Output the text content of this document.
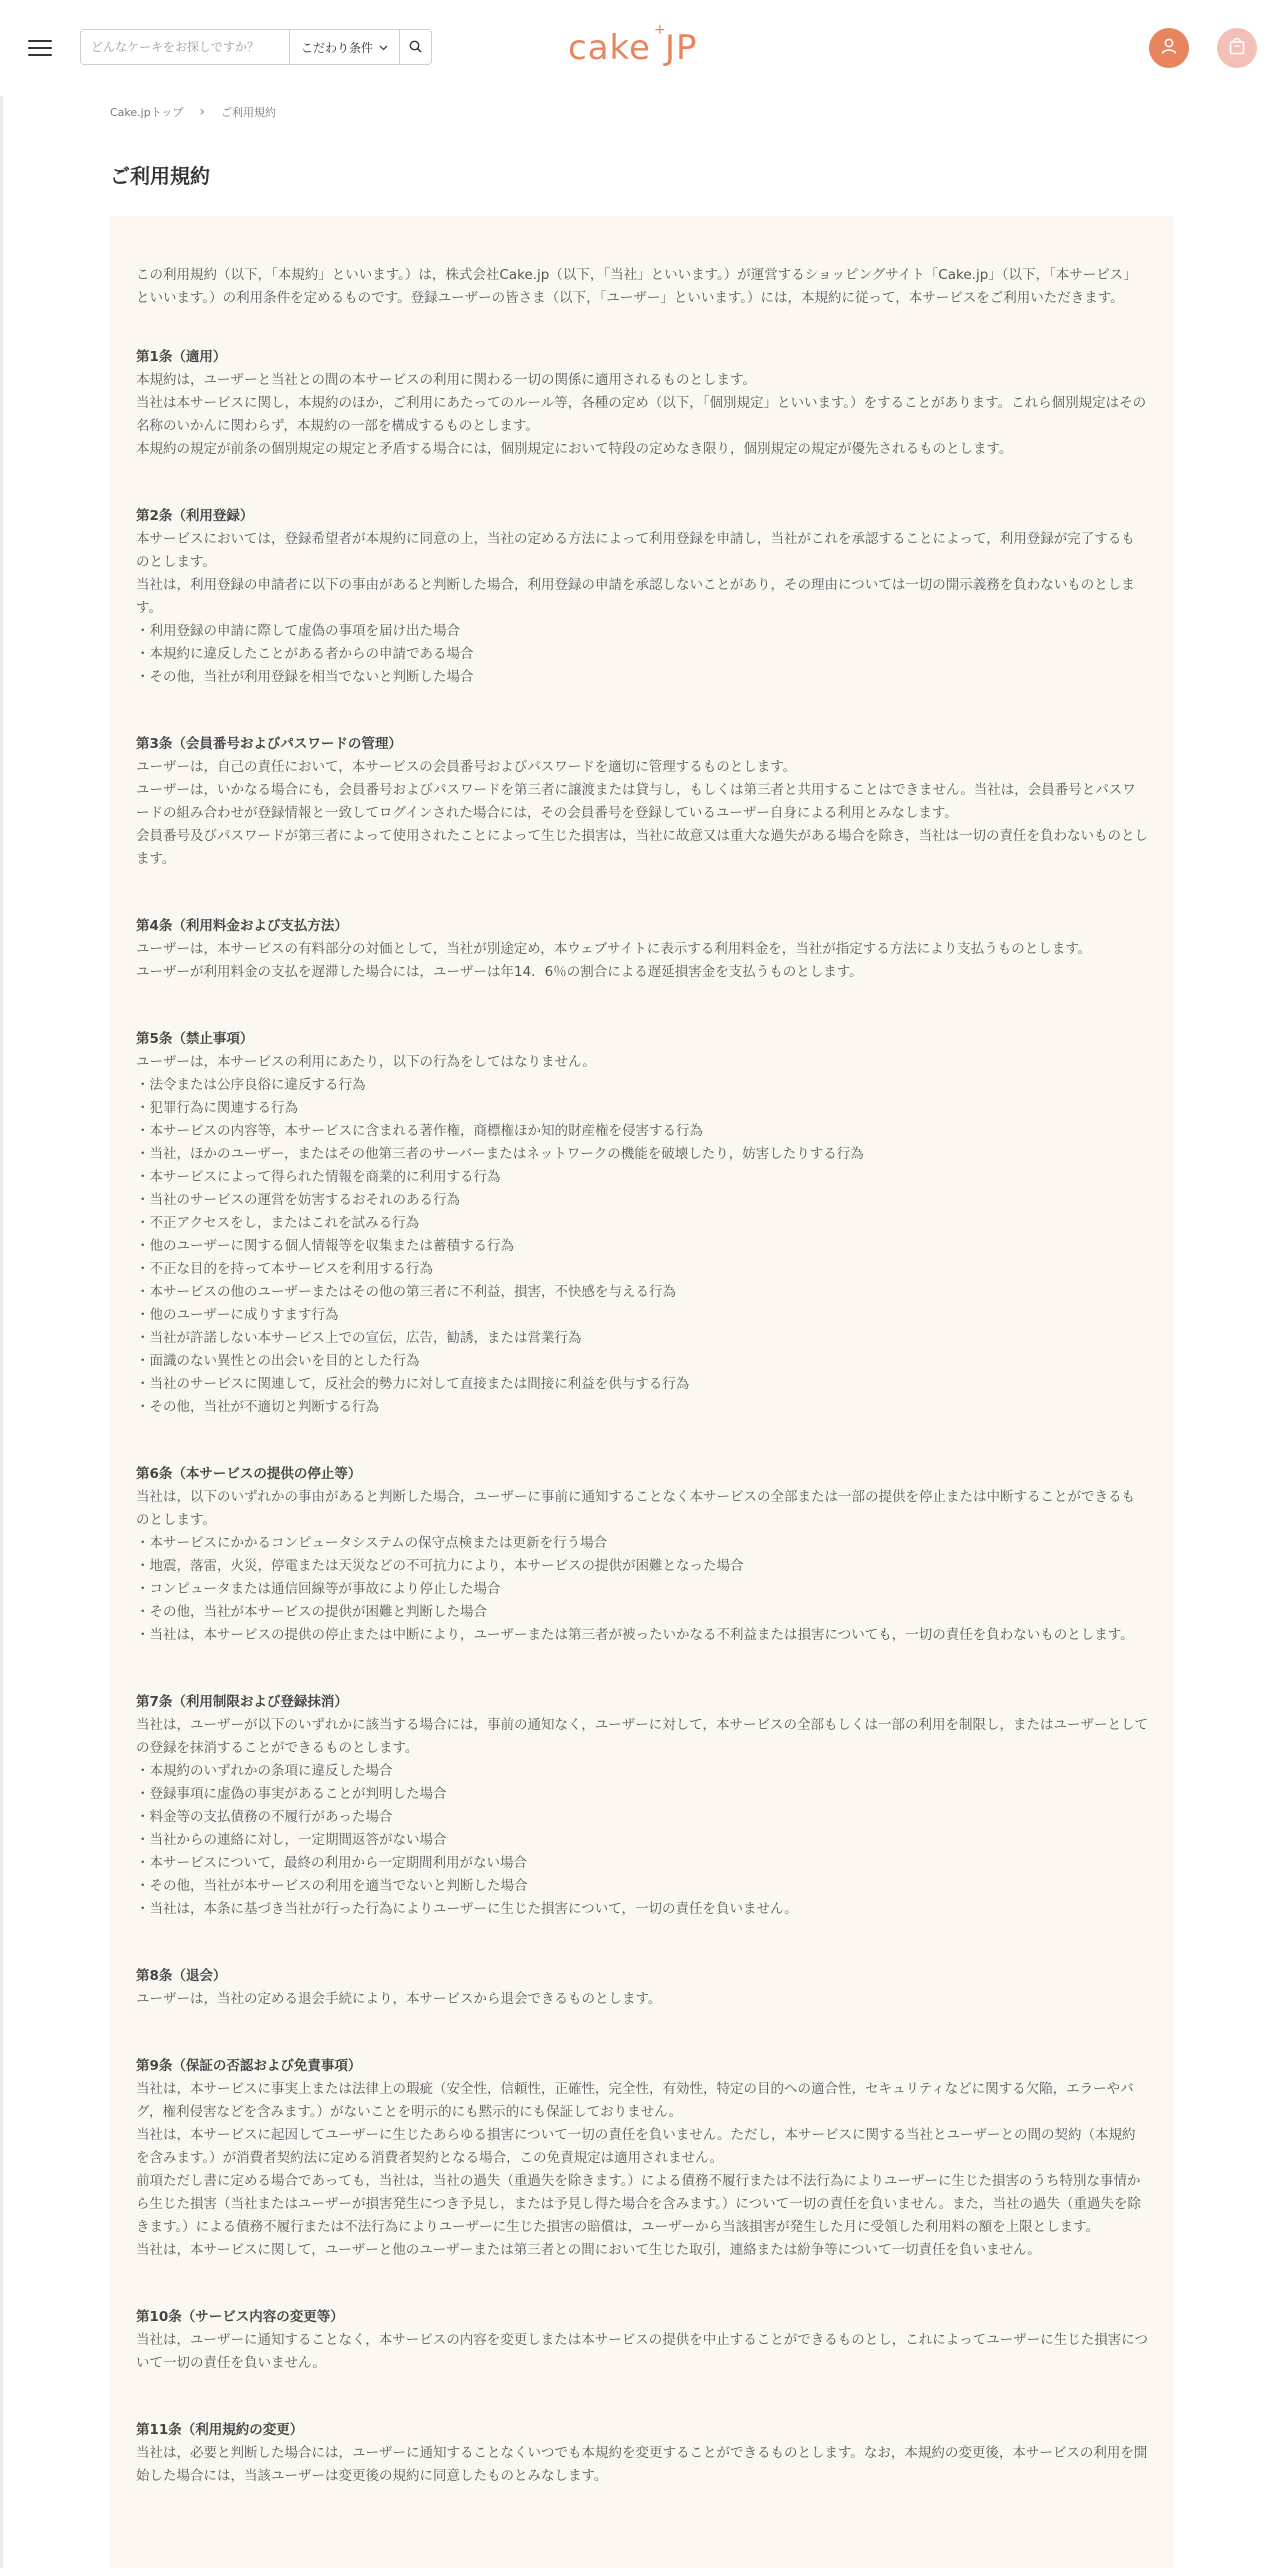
どんなケーキをお探しですか？
こだわり条件	cake +
JP
Cake.jpトップ › ご利用規約
ご利用規約

この利用規約（以下，「本規約」といいます。）は，株式会社Cake.jp（以下，「当社」といいます。）が運営するショッピングサイト「Cake.jp」（以下，「本サービス」といいます。）の利用条件を定めるものです。登録ユーザーの皆さま（以下，「ユーザー」といいます。）には，本規約に従って，本サービスをご利用いただきます。

第1条（適用）
本規約は，ユーザーと当社との間の本サービスの利用に関わる一切の関係に適用されるものとします。
当社は本サービスに関し，本規約のほか，ご利用にあたってのルール等，各種の定め（以下，「個別規定」といいます。）をすることがあります。これら個別規定はその名称のいかんに関わらず，本規約の一部を構成するものとします。
本規約の規定が前条の個別規定の規定と矛盾する場合には，個別規定において特段の定めなき限り，個別規定の規定が優先されるものとします。
第2条（利用登録）
本サービスにおいては，登録希望者が本規約に同意の上，当社の定める方法によって利用登録を申請し，当社がこれを承認することによって，利用登録が完了するものとします。
当社は，利用登録の申請者に以下の事由があると判断した場合，利用登録の申請を承認しないことがあり，その理由については一切の開示義務を負わないものとします。
・利用登録の申請に際して虚偽の事項を届け出た場合
・本規約に違反したことがある者からの申請である場合
・その他，当社が利用登録を相当でないと判断した場合
第3条（会員番号およびパスワードの管理）
ユーザーは，自己の責任において，本サービスの会員番号およびパスワードを適切に管理するものとします。
ユーザーは，いかなる場合にも，会員番号およびパスワードを第三者に譲渡または貸与し，もしくは第三者と共用することはできません。当社は，会員番号とパスワードの組み合わせが登録情報と一致してログインされた場合には，その会員番号を登録しているユーザー自身による利用とみなします。
会員番号及びパスワードが第三者によって使用されたことによって生じた損害は，当社に故意又は重大な過失がある場合を除き，当社は一切の責任を負わないものとします。
第4条（利用料金および支払方法）
ユーザーは，本サービスの有料部分の対価として，当社が別途定め，本ウェブサイトに表示する利用料金を，当社が指定する方法により支払うものとします。
ユーザーが利用料金の支払を遅滞した場合には，ユーザーは年14．6％の割合による遅延損害金を支払うものとします。
第5条（禁止事項）
ユーザーは，本サービスの利用にあたり，以下の行為をしてはなりません。
・法令または公序良俗に違反する行為
・犯罪行為に関連する行為
・本サービスの内容等，本サービスに含まれる著作権，商標権ほか知的財産権を侵害する行為
・当社，ほかのユーザー，またはその他第三者のサーバーまたはネットワークの機能を破壊したり，妨害したりする行為
・本サービスによって得られた情報を商業的に利用する行為
・当社のサービスの運営を妨害するおそれのある行為
・不正アクセスをし，またはこれを試みる行為
・他のユーザーに関する個人情報等を収集または蓄積する行為
・不正な目的を持って本サービスを利用する行為
・本サービスの他のユーザーまたはその他の第三者に不利益，損害，不快感を与える行為
・他のユーザーに成りすます行為
・当社が許諾しない本サービス上での宣伝，広告，勧誘，または営業行為
・面識のない異性との出会いを目的とした行為
・当社のサービスに関連して，反社会的勢力に対して直接または間接に利益を供与する行為
・その他，当社が不適切と判断する行為
第6条（本サービスの提供の停止等）
当社は，以下のいずれかの事由があると判断した場合，ユーザーに事前に通知することなく本サービスの全部または一部の提供を停止または中断することができるものとします。
・本サービスにかかるコンピュータシステムの保守点検または更新を行う場合
・地震，落雷，火災，停電または天災などの不可抗力により，本サービスの提供が困難となった場合
・コンピュータまたは通信回線等が事故により停止した場合
・その他，当社が本サービスの提供が困難と判断した場合
・当社は，本サービスの提供の停止または中断により，ユーザーまたは第三者が被ったいかなる不利益または損害についても，一切の責任を負わないものとします。
第7条（利用制限および登録抹消）
当社は，ユーザーが以下のいずれかに該当する場合には，事前の通知なく，ユーザーに対して，本サービスの全部もしくは一部の利用を制限し，またはユーザーとしての登録を抹消することができるものとします。
・本規約のいずれかの条項に違反した場合
・登録事項に虚偽の事実があることが判明した場合
・料金等の支払債務の不履行があった場合
・当社からの連絡に対し，一定期間返答がない場合
・本サービスについて，最終の利用から一定期間利用がない場合
・その他，当社が本サービスの利用を適当でないと判断した場合
・当社は，本条に基づき当社が行った行為によりユーザーに生じた損害について，一切の責任を負いません。
第8条（退会）
ユーザーは，当社の定める退会手続により，本サービスから退会できるものとします。
第9条（保証の否認および免責事項）
当社は，本サービスに事実上または法律上の瑕疵（安全性，信頼性，正確性，完全性，有効性，特定の目的への適合性，セキュリティなどに関する欠陥，エラーやバグ，権利侵害などを含みます。）がないことを明示的にも黙示的にも保証しておりません。
当社は，本サービスに起因してユーザーに生じたあらゆる損害について一切の責任を負いません。ただし，本サービスに関する当社とユーザーとの間の契約（本規約を含みます。）が消費者契約法に定める消費者契約となる場合，この免責規定は適用されません。
前項ただし書に定める場合であっても，当社は，当社の過失（重過失を除きます。）による債務不履行または不法行為によりユーザーに生じた損害のうち特別な事情から生じた損害（当社またはユーザーが損害発生につき予見し，または予見し得た場合を含みます。）について一切の責任を負いません。また，当社の過失（重過失を除きます。）による債務不履行または不法行為によりユーザーに生じた損害の賠償は，ユーザーから当該損害が発生した月に受領した利用料の額を上限とします。
当社は，本サービスに関して，ユーザーと他のユーザーまたは第三者との間において生じた取引，連絡または紛争等について一切責任を負いません。
第10条（サービス内容の変更等）
当社は，ユーザーに通知することなく，本サービスの内容を変更しまたは本サービスの提供を中止することができるものとし，これによってユーザーに生じた損害について一切の責任を負いません。
第11条（利用規約の変更）
当社は，必要と判断した場合には，ユーザーに通知することなくいつでも本規約を変更することができるものとします。なお，本規約の変更後，本サービスの利用を開始した場合には，当該ユーザーは変更後の規約に同意したものとみなします。
